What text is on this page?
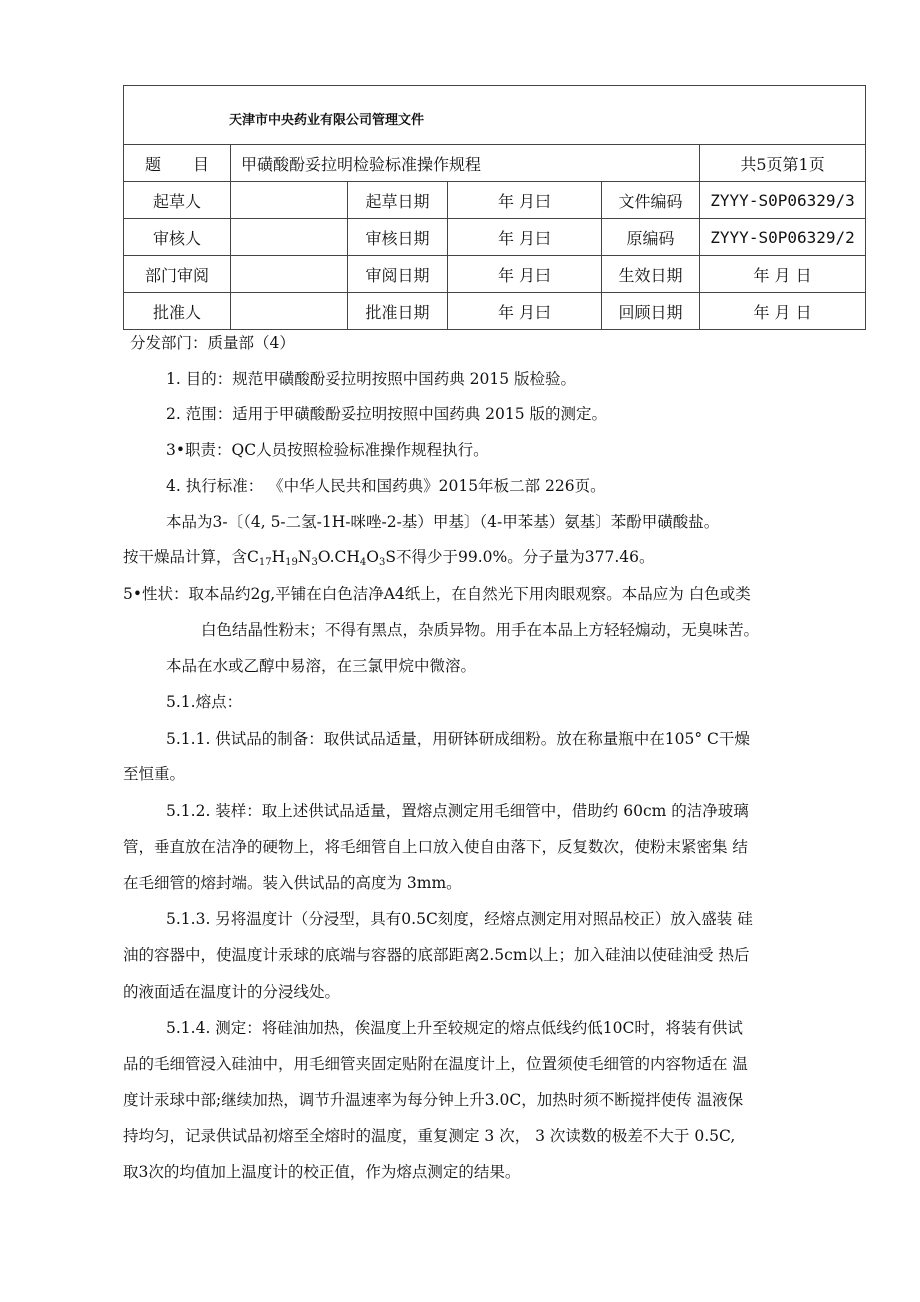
天津市中央药业有限公司管理文件					
题　　目	甲磺酸酚妥拉明检验标准操作规程				共5页第1页
起草人		起草日期	年 月曰	文件编码	ZYYY-S0P06329/3
审核人		审核日期	年 月曰	原编码	ZYYY-S0P06329/2
部门审阅		审阅日期	年 月曰	生效日期	年 月 日
批准人		批准日期	年 月曰	回顾日期	年 月 日
分发部门：质量部（4）
1. 目的：规范甲磺酸酚妥拉明按照中国药典 2015 版检验。
2. 范围：适用于甲磺酸酚妥拉明按照中国药典 2015 版的测定。
3•职责：QC人员按照检验标准操作规程执行。
4. 执行标准： 《中华人民共和国药典》2015年板二部 226页。
本品为3-〔（4, 5-二氢-1H-咪唑-2-基）甲基〕（4-甲苯基）氨基〕苯酚甲磺酸盐。
按干燥品计算，含$C_{17}H_{19}N_3O.CH_4O_3S$不得少于99.0%。分子量为377.46。
5•性状：取本品约2g,平铺在白色洁净A4纸上，在自然光下用肉眼观察。本品应为 白色或类
白色结晶性粉末；不得有黑点，杂质异物。用手在本品上方轻轻煽动，无臭味苦。
本品在水或乙醇中易溶，在三氯甲烷中微溶。
5.1.熔点：
5.1.1. 供试品的制备：取供试品适量，用研钵研成细粉。放在称量瓶中在105° C干燥
至恒重。
5.1.2. 装样：取上述供试品适量，置熔点测定用毛细管中，借助约 60cm 的洁净玻璃
管，垂直放在洁净的硬物上，将毛细管自上口放入使自由落下，反复数次，使粉末紧密集 结
在毛细管的熔封端。装入供试品的高度为 3mm。
5.1.3. 另将温度计（分浸型，具有0.5C刻度，经熔点测定用对照品校正）放入盛装 硅
油的容器中，使温度计汞球的底端与容器的底部距离2.5cm以上；加入硅油以使硅油受 热后
的液面适在温度计的分浸线处。
5.1.4. 测定：将硅油加热，俟温度上升至较规定的熔点低线约低10C时，将装有供试
品的毛细管浸入硅油中，用毛细管夹固定贴附在温度计上，位置须使毛细管的内容物适在 温
度计汞球中部;继续加热，调节升温速率为每分钟上升3.0C，加热时须不断搅拌使传 温液保
持均匀，记录供试品初熔至全熔时的温度，重复测定 3 次， 3 次读数的极差不大于 0.5C,
取3次的均值加上温度计的校正值，作为熔点测定的结果。
